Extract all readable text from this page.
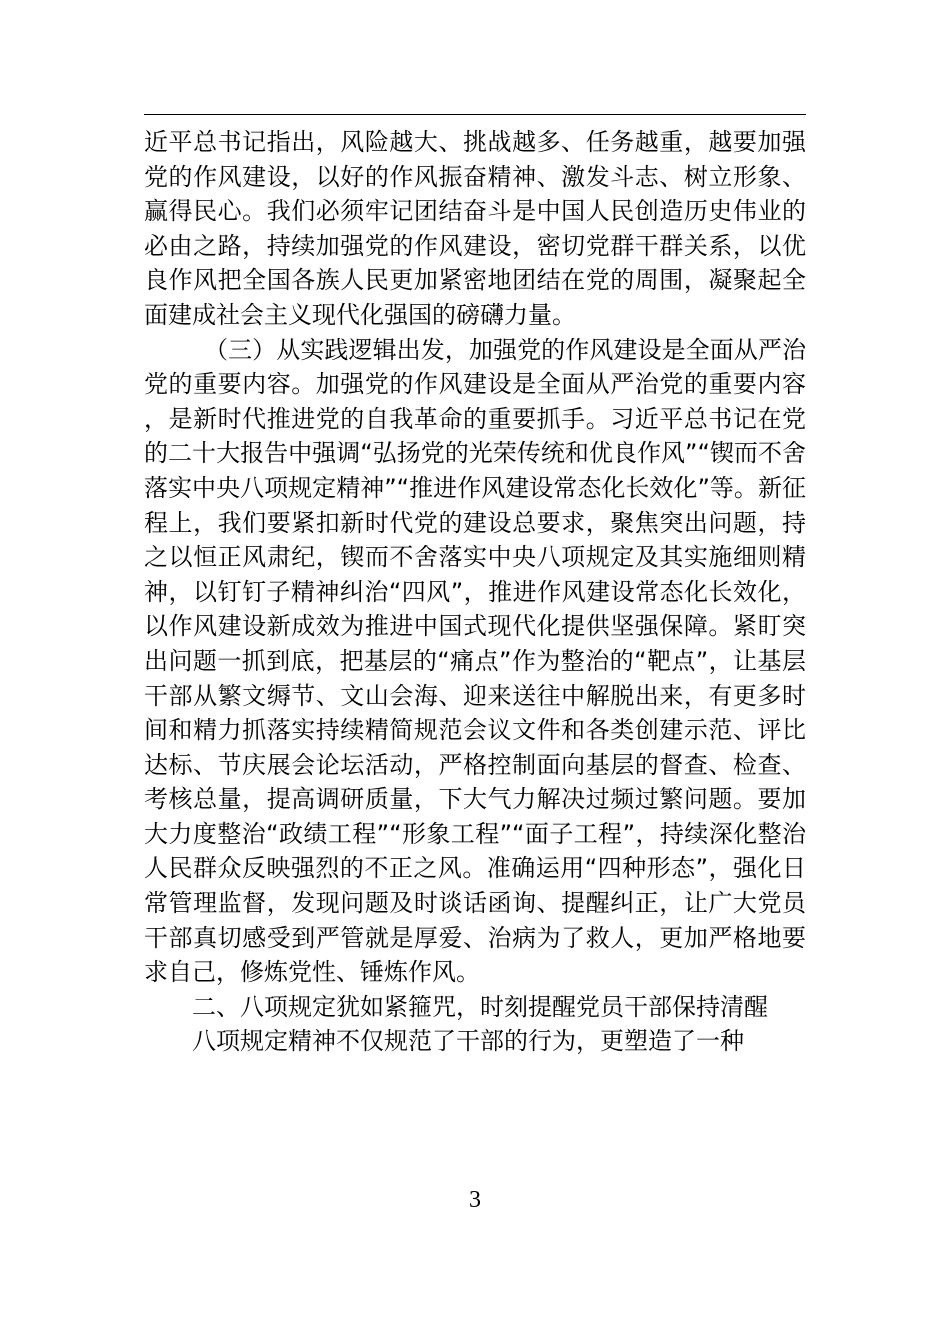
近平总书记指出，风险越大、挑战越多、任务越重，越要加强党的作风建设，以好的作风振奋精神、激发斗志、树立形象、赢得民心。我们必须牢记团结奋斗是中国人民创造历史伟业的必由之路，持续加强党的作风建设，密切党群干群关系，以优良作风把全国各族人民更加紧密地团结在党的周围，凝聚起全面建成社会主义现代化强国的磅礴力量。

（三）从实践逻辑出发，加强党的作风建设是全面从严治党的重要内容。加强党的作风建设是全面从严治党的重要内容，是新时代推进党的自我革命的重要抓手。习近平总书记在党的二十大报告中强调“弘扬党的光荣传统和优良作风”“锲而不舍落实中央八项规定精神”“推进作风建设常态化长效化”等。新征程上，我们要紧扣新时代党的建设总要求，聚焦突出问题，持之以恒正风肃纪，锲而不舍落实中央八项规定及其实施细则精神，以钉钉子精神纠治“四风”，推进作风建设常态化长效化，以作风建设新成效为推进中国式现代化提供坚强保障。紧盯突出问题一抓到底，把基层的“痛点”作为整治的“靶点”，让基层干部从繁文缛节、文山会海、迎来送往中解脱出来，有更多时间和精力抓落实持续精简规范会议文件和各类创建示范、评比达标、节庆展会论坛活动，严格控制面向基层的督查、检查、考核总量，提高调研质量，下大气力解决过频过繁问题。要加大力度整治“政绩工程”“形象工程”“面子工程”，持续深化整治人民群众反映强烈的不正之风。准确运用“四种形态”，强化日常管理监督，发现问题及时谈话函询、提醒纠正，让广大党员干部真切感受到严管就是厚爱、治病为了救人，更加严格地要求自己，修炼党性、锤炼作风。

二、八项规定犹如紧箍咒，时刻提醒党员干部保持清醒

八项规定精神不仅规范了干部的行为，更塑造了一种

3
